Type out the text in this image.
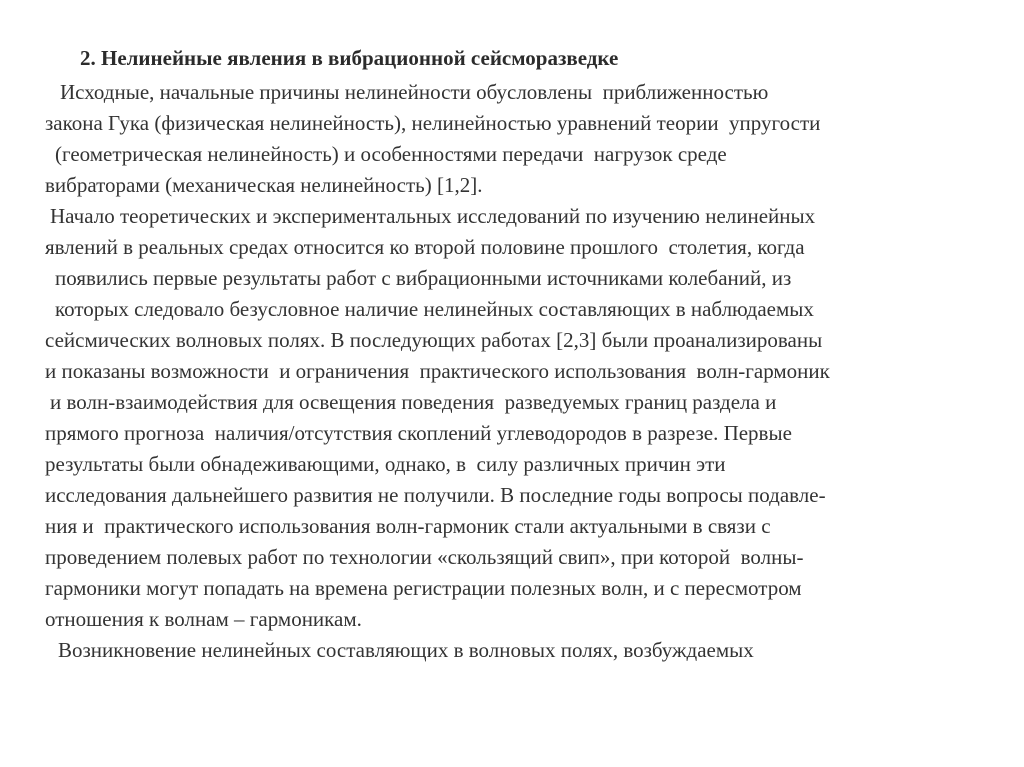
2. Нелинейные явления в вибрационной сейсморазведке
Исходные, начальные причины нелинейности обусловлены  приближенностью
закона Гука (физическая нелинейность), нелинейностью уравнений теории  упругости
(геометрическая нелинейность) и особенностями передачи  нагрузок среде
вибраторами (механическая нелинейность) [1,2].
Начало теоретических и экспериментальных исследований по изучению нелинейных
явлений в реальных средах относится ко второй половине прошлого  столетия, когда
появились первые результаты работ с вибрационными источниками колебаний, из
которых следовало безусловное наличие нелинейных составляющих в наблюдаемых
сейсмических волновых полях. В последующих работах [2,3] были проанализированы
и показаны возможности  и ограничения  практического использования  волн-гармоник
и волн-взаимодействия для освещения поведения  разведуемых границ раздела и
прямого прогноза  наличия/отсутствия скоплений углеводородов в разрезе. Первые
результаты были обнадеживающими, однако, в  силу различных причин эти
исследования дальнейшего развития не получили. В последние годы вопросы подавле-
ния и  практического использования волн-гармоник стали актуальными в связи с
проведением полевых работ по технологии «скользящий свип», при которой  волны-
гармоники могут попадать на времена регистрации полезных волн, и с пересмотром
отношения к волнам – гармоникам.
Возникновение нелинейных составляющих в волновых полях, возбуждаемых
